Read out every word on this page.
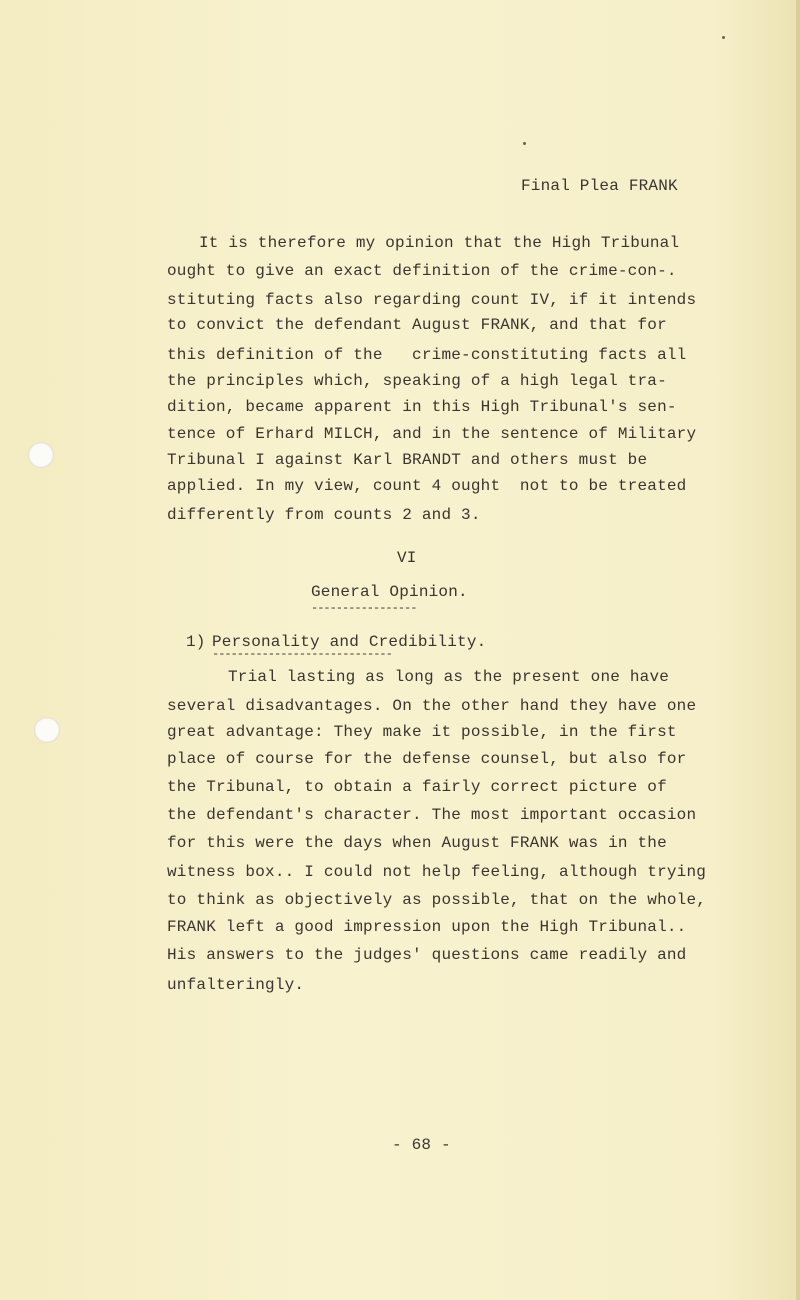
Final Plea FRANK
It is therefore my opinion that the High Tribunal
ought to give an exact definition of the crime-con-.
stituting facts also regarding count IV, if it intends
to convict the defendant August FRANK, and that for
this definition of the   crime-constituting facts all
the principles which, speaking of a high legal tra-
dition, became apparent in this High Tribunal's sen-
tence of Erhard MILCH, and in the sentence of Military
Tribunal I against Karl BRANDT and others must be
applied. In my view, count 4 ought  not to be treated
differently from counts 2 and 3.
VI
General Opinion.
-----------------
1) Personality and Credibility.
-----------------------------
Trial lasting as long as the present one have
several disadvantages. On the other hand they have one
great advantage: They make it possible, in the first
place of course for the defense counsel, but also for
the Tribunal, to obtain a fairly correct picture of
the defendant's character. The most important occasion
for this were the days when August FRANK was in the
witness box.. I could not help feeling, although trying
to think as objectively as possible, that on the whole,
FRANK left a good impression upon the High Tribunal..
His answers to the judges' questions came readily and
unfalteringly.
- 68 -
